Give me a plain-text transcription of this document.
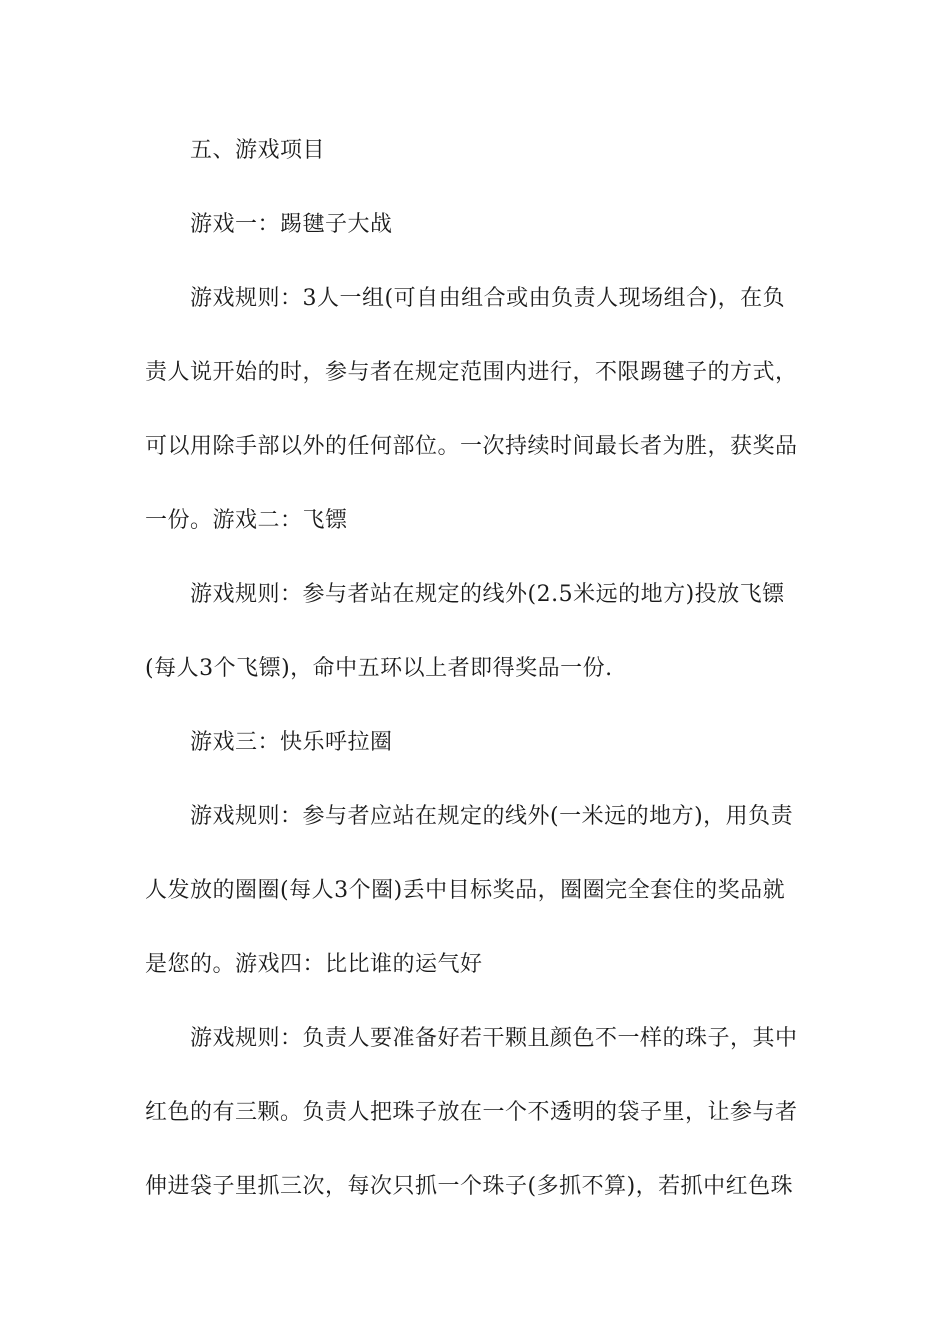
五、游戏项目
游戏一：踢毽子大战
游戏规则：3人一组(可自由组合或由负责人现场组合)，在负
责人说开始的时，参与者在规定范围内进行，不限踢毽子的方式，
可以用除手部以外的任何部位。一次持续时间最长者为胜，获奖品
一份。游戏二：飞镖
游戏规则：参与者站在规定的线外(2.5米远的地方)投放飞镖
(每人3个飞镖)，命中五环以上者即得奖品一份.
游戏三：快乐呼拉圈
游戏规则：参与者应站在规定的线外(一米远的地方)，用负责
人发放的圈圈(每人3个圈)丢中目标奖品，圈圈完全套住的奖品就
是您的。游戏四：比比谁的运气好
游戏规则：负责人要准备好若干颗且颜色不一样的珠子，其中
红色的有三颗。负责人把珠子放在一个不透明的袋子里，让参与者
伸进袋子里抓三次，每次只抓一个珠子(多抓不算)，若抓中红色珠
